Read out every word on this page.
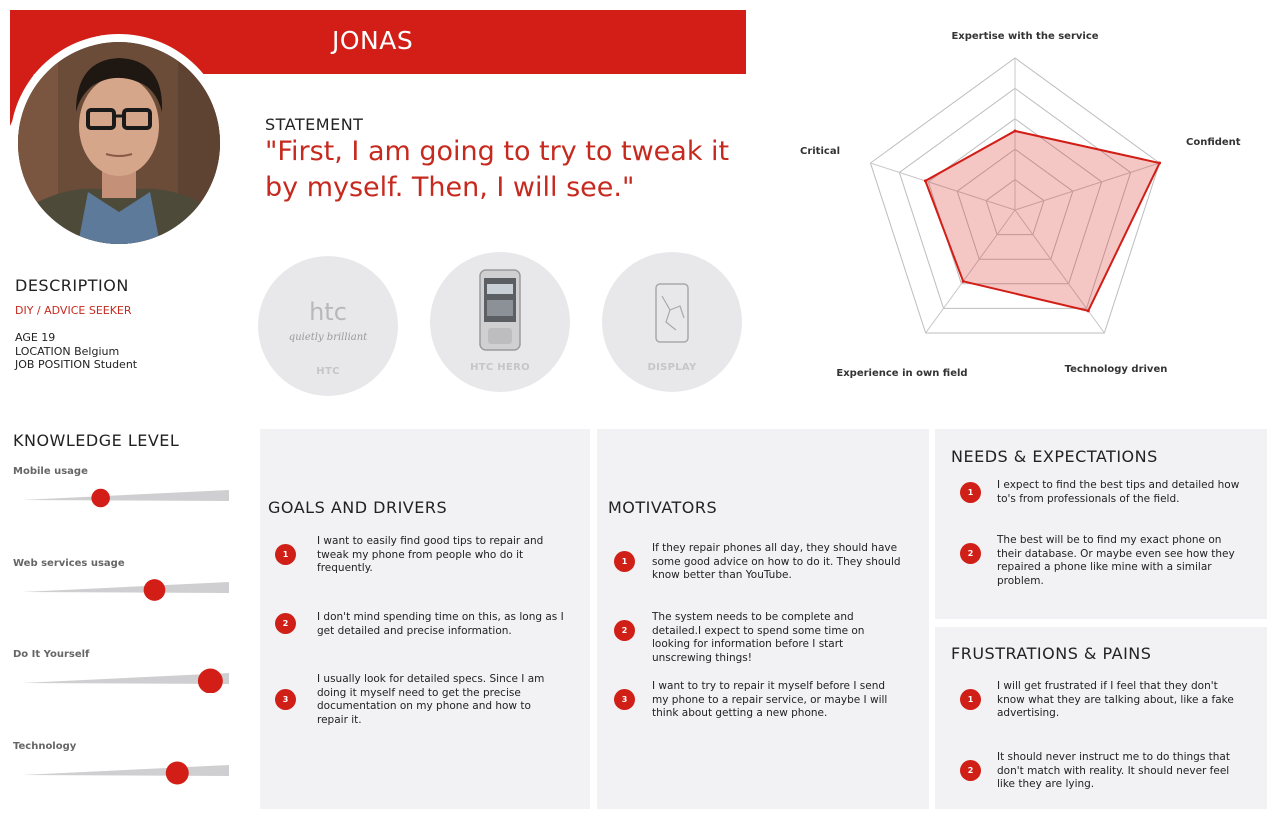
JONAS
STATEMENT
"First, I am going to try to tweak it by myself. Then, I will see."
htc
quietly brilliant
HTC	HTC HERO	DISPLAY
Expertise with the service
Confident
Technology driven
Experience in own field
Critical
DESCRIPTION
DIY / ADVICE SEEKER
AGE 19
LOCATION Belgium
JOB POSITION Student
KNOWLEDGE LEVEL
Mobile usage
Web services usage
Do It Yourself
Technology
GOALS AND DRIVERS
1
I want to easily find good tips to repair and tweak my phone from people who do it frequently.
2
I don't mind spending time on this, as long as I get detailed and precise information.
3
I usually look for detailed specs. Since I am doing it myself need to get the precise documentation on my phone and how to repair it.
MOTIVATORS
1
If they repair phones all day, they should have some good advice on how to do it. They should know better than YouTube.
2
The system needs to be complete and detailed.I expect to spend some time on looking for information before I start unscrewing things!
3
I want to try to repair it myself before I send my phone to a repair service, or maybe I will think about getting a new phone.
NEEDS & EXPECTATIONS
1
I expect to find the best tips and detailed how to's from professionals of the field.
2
The best will be to find my exact phone on their database. Or maybe even see how they repaired a phone like mine with a similar problem.
FRUSTRATIONS & PAINS
1
I will get frustrated if I feel that they don't know what they are talking about, like a fake advertising.
2
It should never instruct me to do things that don't match with reality. It should never feel like they are lying.
